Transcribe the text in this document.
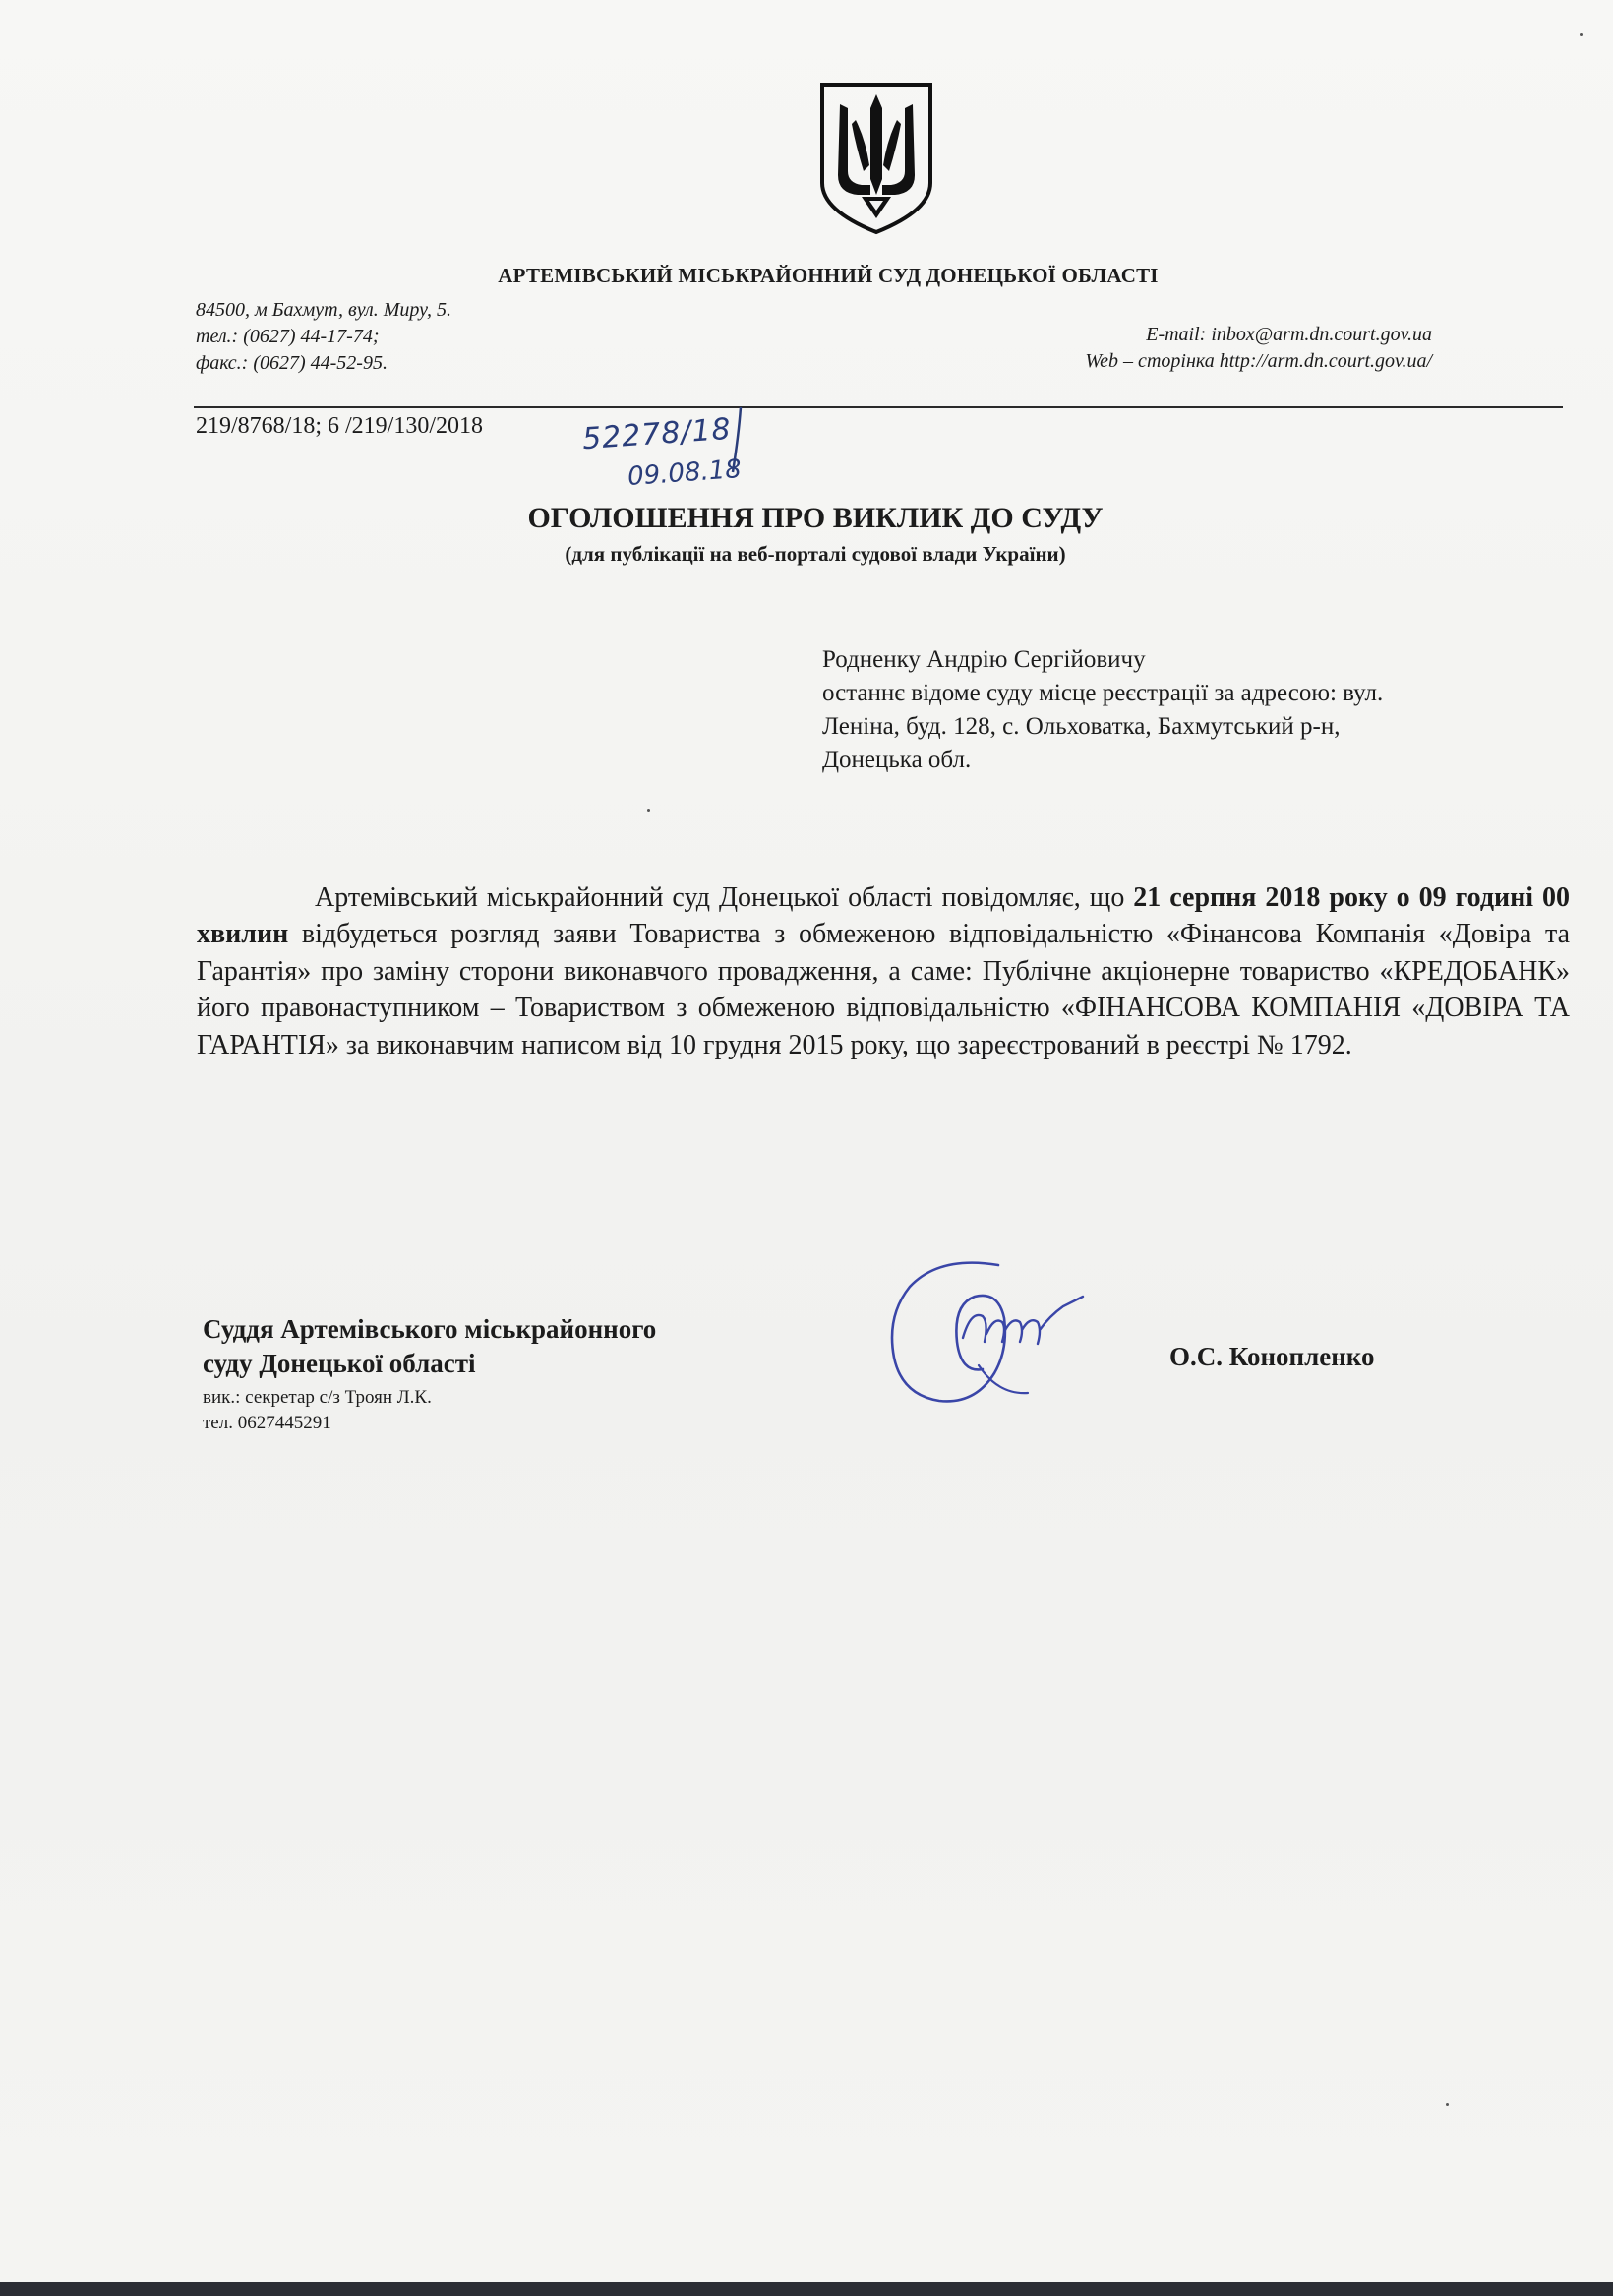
АРТЕМІВСЬКИЙ МІСЬКРАЙОННИЙ СУД ДОНЕЦЬКОЇ ОБЛАСТІ
84500, м Бахмут, вул. Миру, 5.
тел.: (0627) 44-17-74;
факс.: (0627) 44-52-95.
E-mail: inbox@arm.dn.court.gov.ua
Web – сторінка http://arm.dn.court.gov.ua/
219/8768/18; 6 /219/130/2018	52278/18
09.08.18
ОГОЛОШЕННЯ ПРО ВИКЛИК ДО СУДУ
(для публікації на веб-порталі судової влади України)
Родненку Андрію Сергійовичу
останнє відоме суду місце реєстрації за адресою: вул.
Леніна, буд. 128, с. Ольховатка, Бахмутський р-н,
Донецька обл.
Артемівський міськрайонний суд Донецької області повідомляє, що 21 серпня 2018 року о 09 годині 00 хвилин відбудеться розгляд заяви Товариства з обмеженою відповідальністю «Фінансова Компанія «Довіра та Гарантія» про заміну сторони виконавчого провадження, а саме: Публічне акціонерне товариство «КРЕДОБАНК» його правонаступником – Товариством з обмеженою відповідальністю «ФІНАНСОВА КОМПАНІЯ «ДОВІРА ТА ГАРАНТІЯ» за виконавчим написом від 10 грудня 2015 року, що зареєстрований в реєстрі № 1792.
Суддя Артемівського міськрайонного
суду Донецької області
вик.: секретар с/з Троян Л.К.
тел. 0627445291
О.С. Конопленко
